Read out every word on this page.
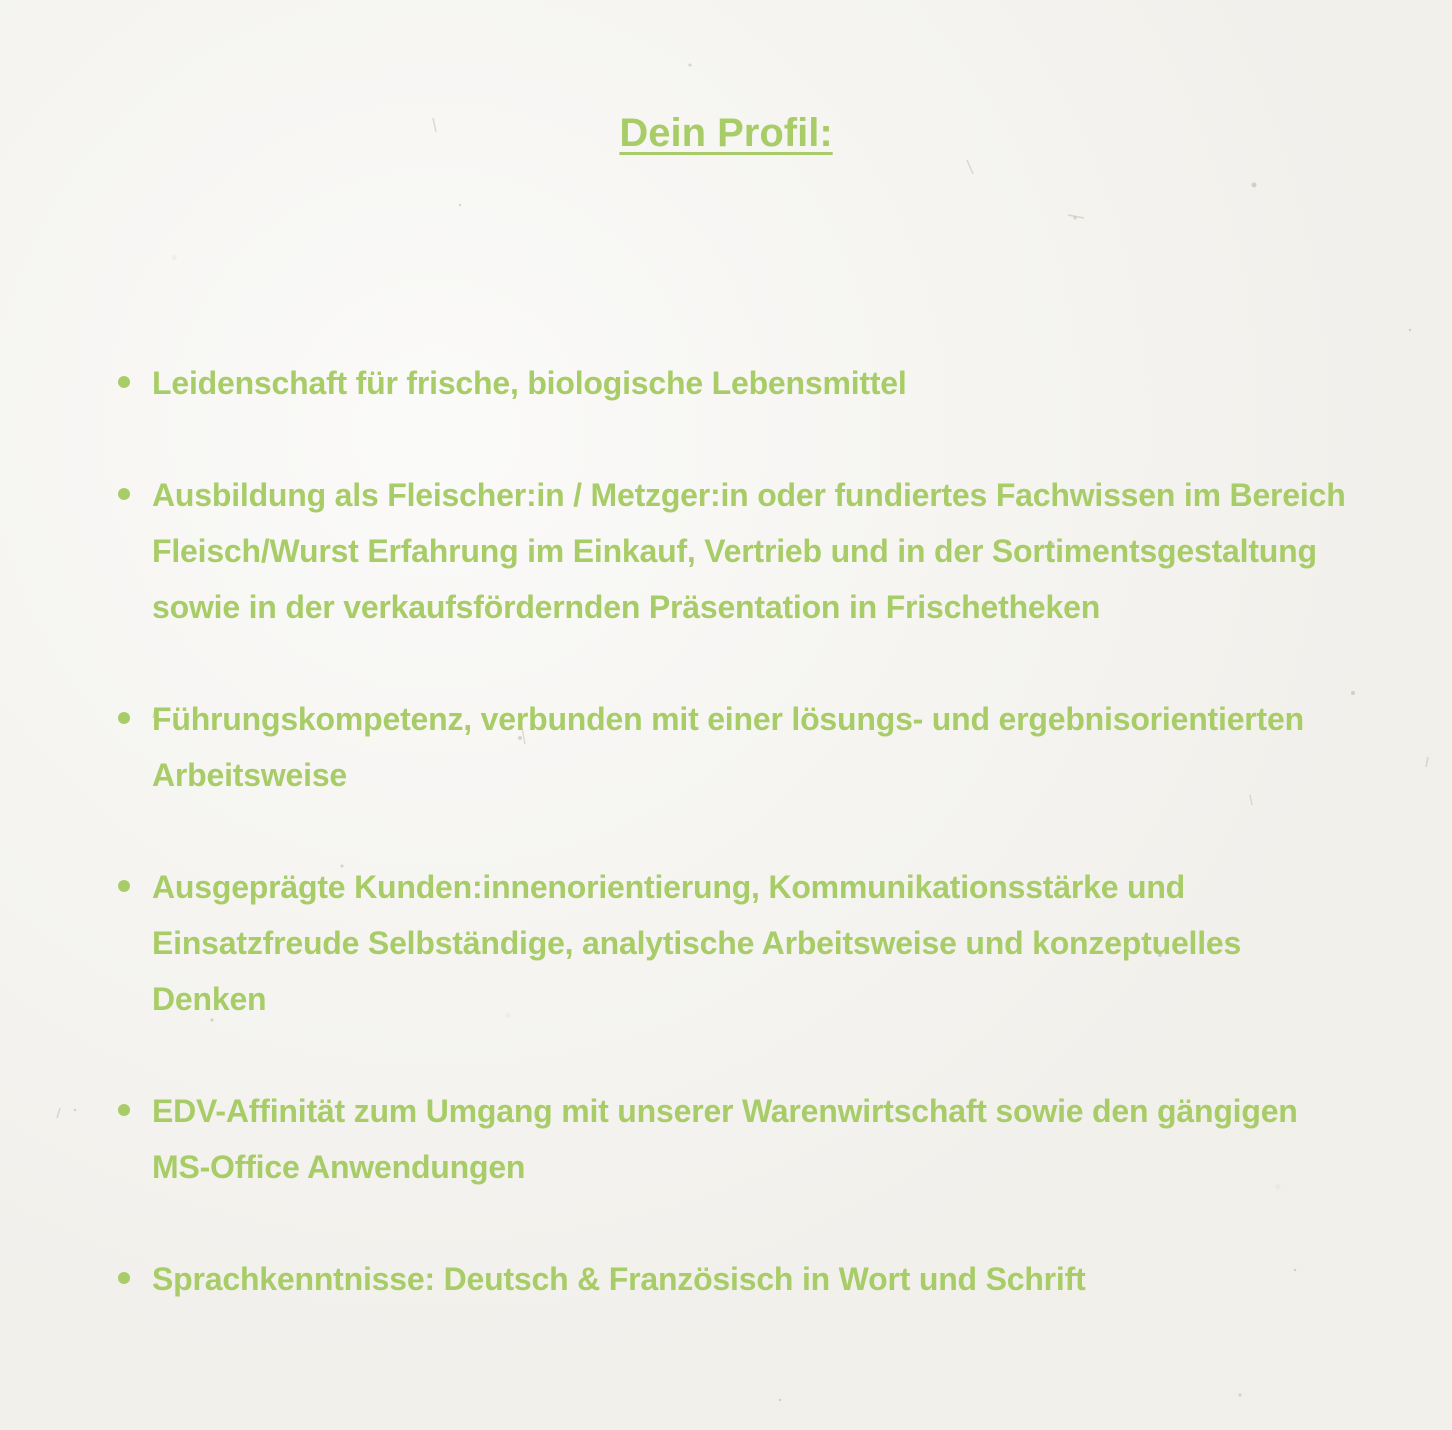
Dein Profil:
Leidenschaft für frische, biologische Lebensmittel
Ausbildung als Fleischer:in / Metzger:in oder fundiertes Fachwissen im Bereich Fleisch/Wurst Erfahrung im Einkauf, Vertrieb und in der Sortimentsgestaltung sowie in der verkaufsfördernden Präsentation in Frischetheken
Führungskompetenz, verbunden mit einer lösungs- und ergebnisorientierten Arbeitsweise
Ausgeprägte Kunden:innenorientierung, Kommunikationsstärke und Einsatzfreude Selbständige, analytische Arbeitsweise und konzeptuelles Denken
EDV-Affinität zum Umgang mit unserer Warenwirtschaft sowie den gängigen MS-Office Anwendungen
Sprachkenntnisse: Deutsch & Französisch in Wort und Schrift
